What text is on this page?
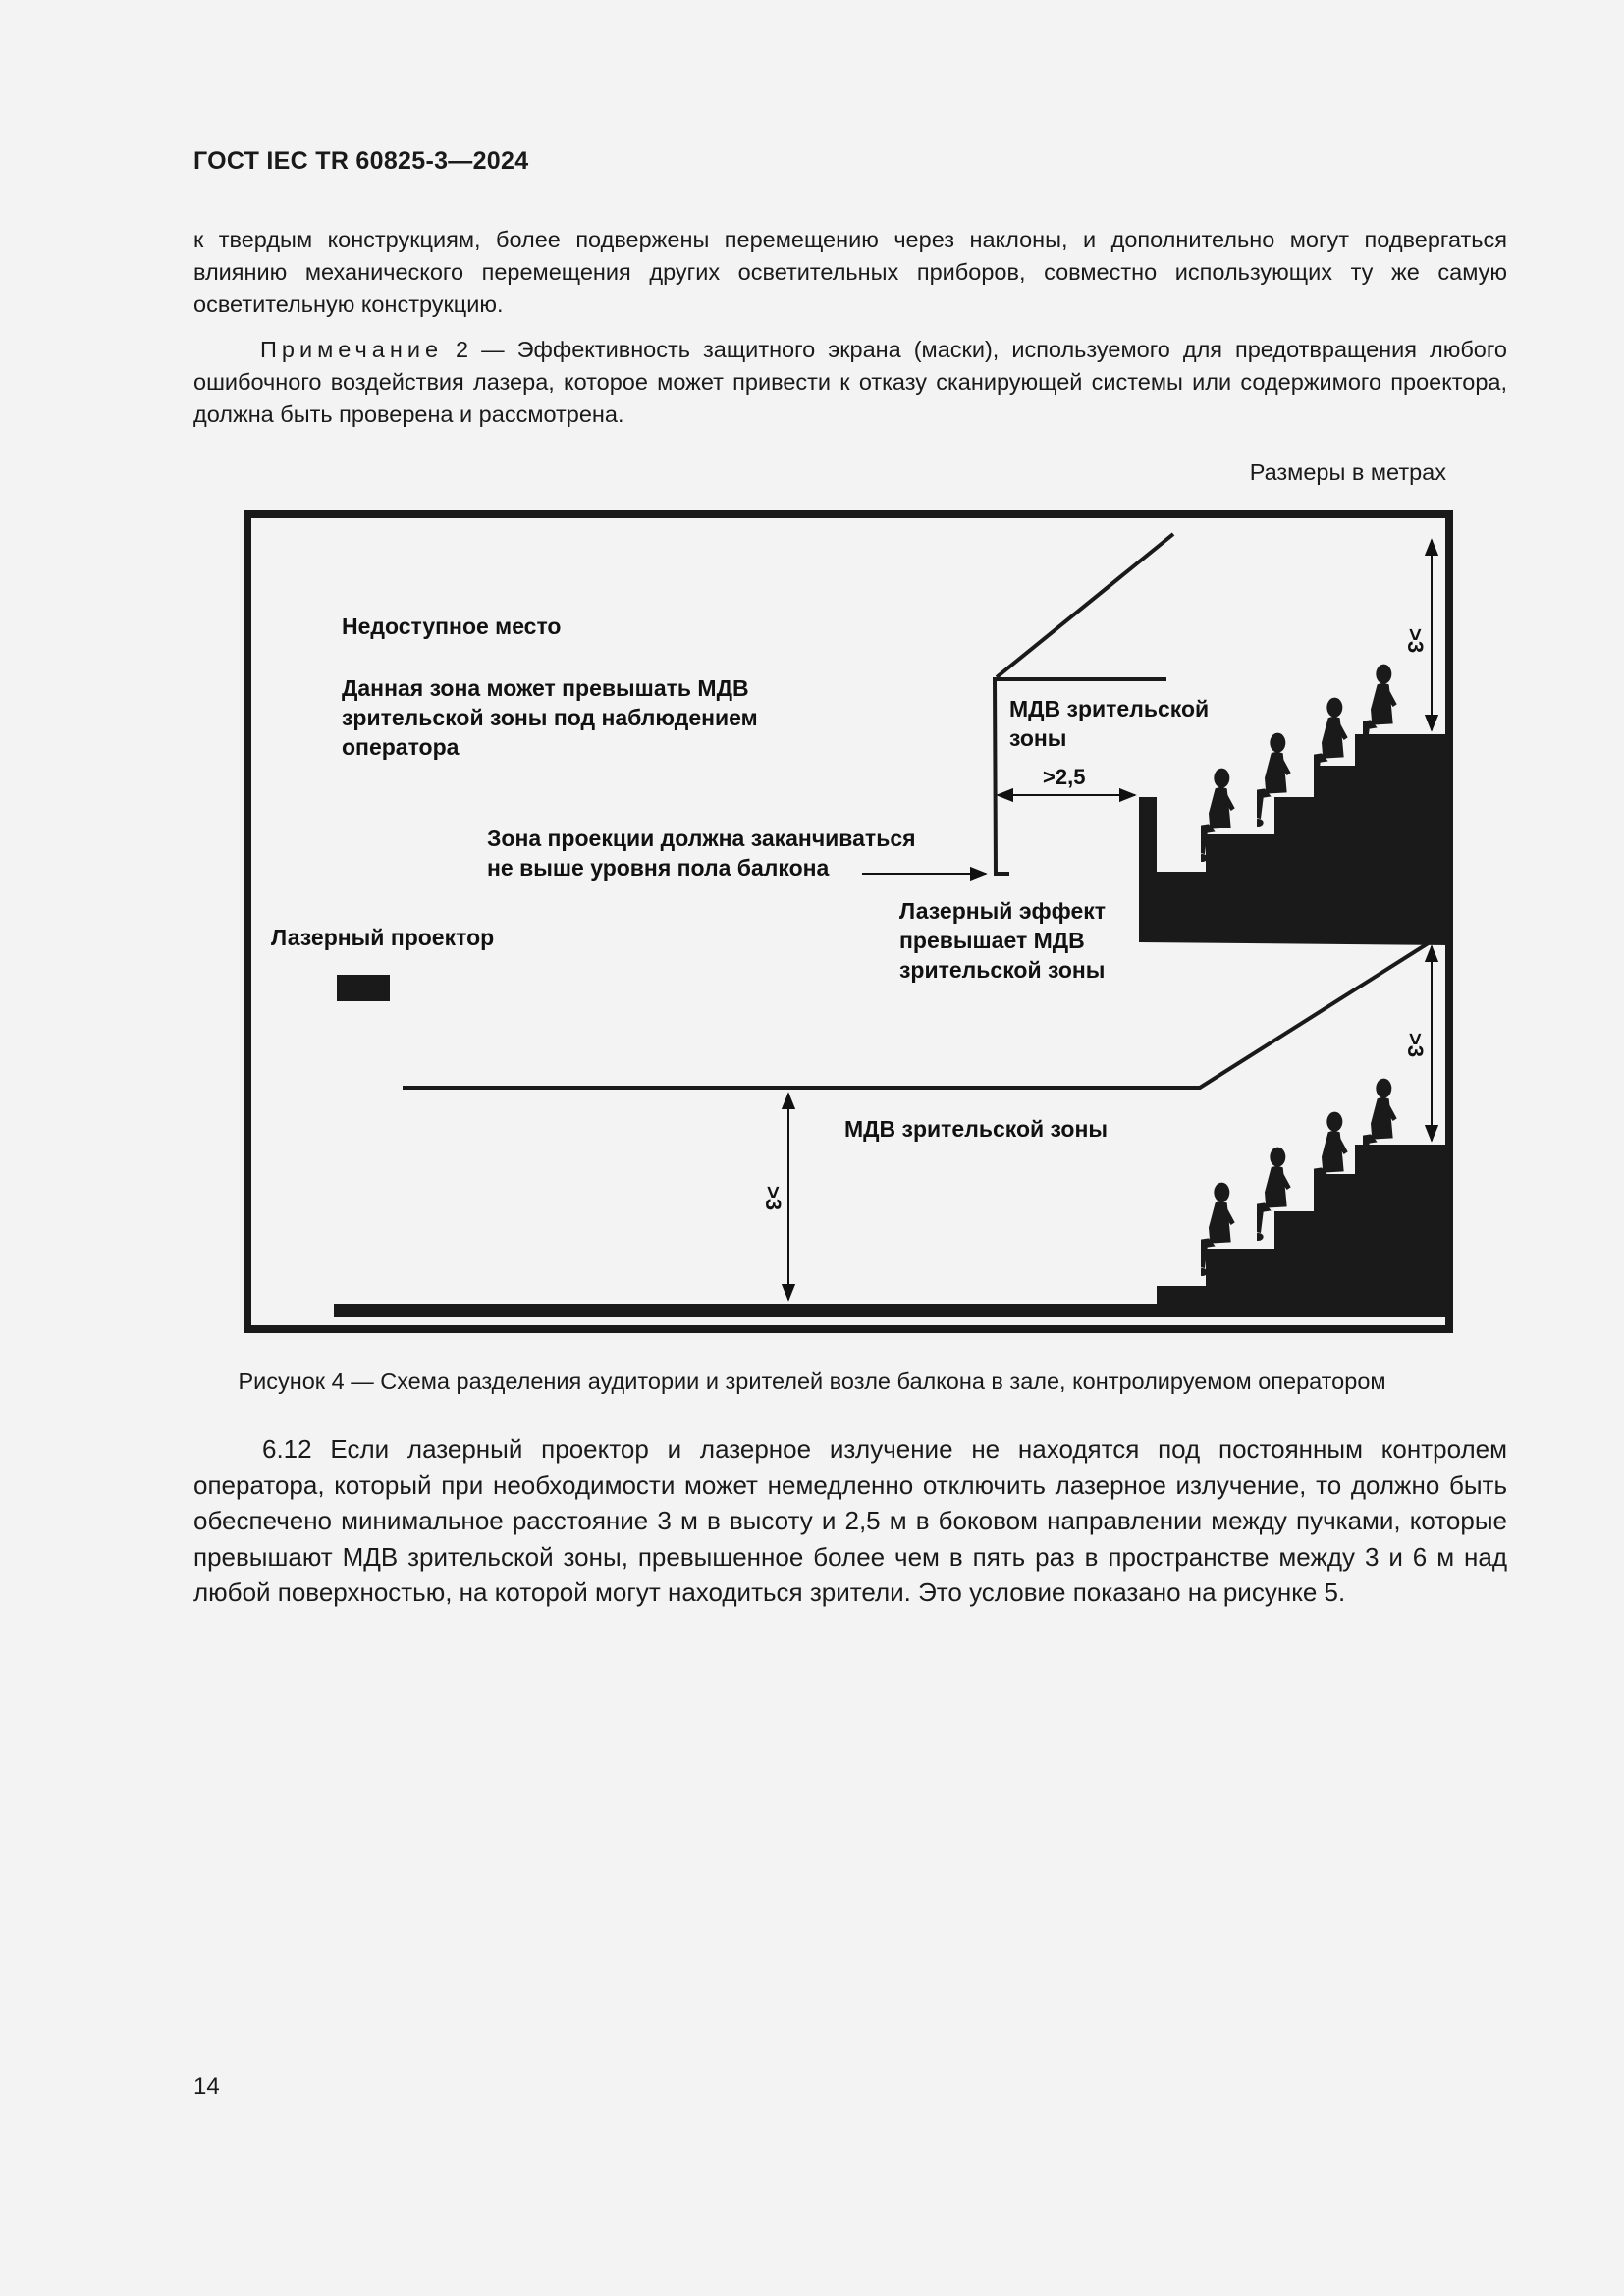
ГОСТ IEC TR 60825-3—2024

к твердым конструкциям, более подвержены перемещению через наклоны, и дополнительно могут подвергаться влиянию механического перемещения других осветительных приборов, совместно использующих ту же самую осветительную конструкцию.

Примечание 2 — Эффективность защитного экрана (маски), используемого для предотвращения любого ошибочного воздействия лазера, которое может привести к отказу сканирующей системы или содержимого проектора, должна быть проверена и рассмотрена.

Размеры в метрах
>3
>2,5
>3
>3
Недоступное место
Данная зона может превышать МДВ
зрительской зоны под наблюдением
оператора
Зона проекции должна заканчиваться
не выше уровня пола балкона
Лазерный проектор
МДВ зрительской
зоны
Лазерный эффект
превышает МДВ
зрительской зоны
МДВ зрительской зоны
Рисунок 4 — Схема разделения аудитории и зрителей возле балкона в зале, контролируемом оператором

6.12 Если лазерный проектор и лазерное излучение не находятся под постоянным контролем оператора, который при необходимости может немедленно отключить лазерное излучение, то должно быть обеспечено минимальное расстояние 3 м в высоту и 2,5 м в боковом направлении между пучками, которые превышают МДВ зрительской зоны, превышенное более чем в пять раз в пространстве между 3 и 6 м над любой поверхностью, на которой могут находиться зрители. Это условие показано на рисунке 5.

14
